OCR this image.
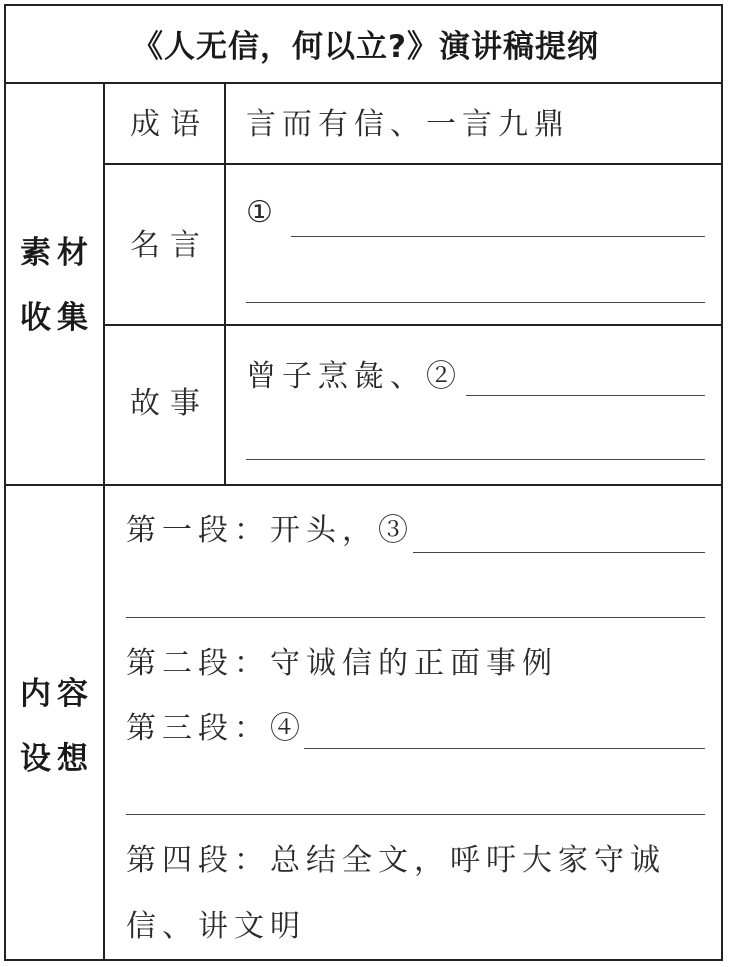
《人无信，何以立?》演讲稿提纲
素材
收集
内容
设想
成语 言而有信、一言九鼎
名言
①
故事
曾子烹彘、②
第一段：开头，③
第二段：守诚信的正面事例
第三段：④
第四段：总结全文，呼吁大家守诚
信、讲文明
